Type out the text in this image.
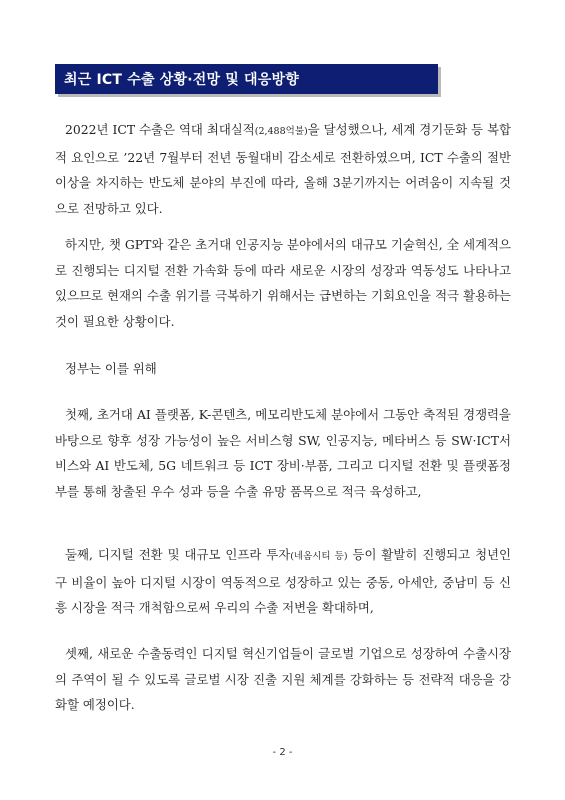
최근 ICT 수출 상황·전망 및 대응방향

2022년 ICT 수출은 역대 최대실적(2,488억불)을 달성했으나, 세계 경기둔화 등 복합적 요인으로 ’22년 7월부터 전년 동월대비 감소세로 전환하였으며, ICT 수출의 절반 이상을 차지하는 반도체 분야의 부진에 따라, 올해 3분기까지는 어려움이 지속될 것으로 전망하고 있다.

하지만, 챗 GPT와 같은 초거대 인공지능 분야에서의 대규모 기술혁신, 全 세계적으로 진행되는 디지털 전환 가속화 등에 따라 새로운 시장의 성장과 역동성도 나타나고 있으므로 현재의 수출 위기를 극복하기 위해서는 급변하는 기회요인을 적극 활용하는 것이 필요한 상황이다.

정부는 이를 위해

첫째, 초거대 AI 플랫폼, K-콘텐츠, 메모리반도체 분야에서 그동안 축적된 경쟁력을 바탕으로 향후 성장 가능성이 높은 서비스형 SW, 인공지능, 메타버스 등 SW·ICT서비스와 AI 반도체, 5G 네트워크 등 ICT 장비·부품, 그리고 디지털 전환 및 플랫폼정부를 통해 창출된 우수 성과 등을 수출 유망 품목으로 적극 육성하고,

둘째, 디지털 전환 및 대규모 인프라 투자(네옴시티 등) 등이 활발히 진행되고 청년인구 비율이 높아 디지털 시장이 역동적으로 성장하고 있는 중동, 아세안, 중남미 등 신흥 시장을 적극 개척함으로써 우리의 수출 저변을 확대하며,

셋째, 새로운 수출동력인 디지털 혁신기업들이 글로벌 기업으로 성장하여 수출시장의 주역이 될 수 있도록 글로벌 시장 진출 지원 체계를 강화하는 등 전략적 대응을 강화할 예정이다.

- 2 -
